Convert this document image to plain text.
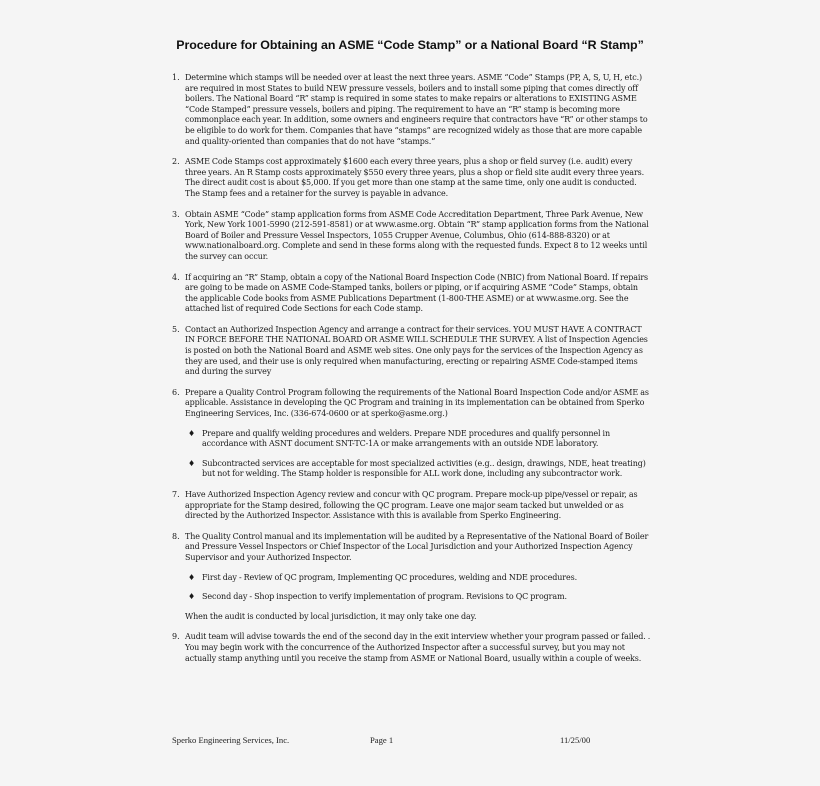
Procedure for Obtaining an ASME “Code Stamp” or a National Board “R Stamp”
1. Determine which stamps will be needed over at least the next three years. ASME “Code” Stamps (PP, A, S, U, H, etc.) are required in most States to build NEW pressure vessels, boilers and to install some piping that comes directly off boilers. The National Board “R” stamp is required in some states to make repairs or alterations to EXISTING ASME “Code Stamped” pressure vessels, boilers and piping. The requirement to have an “R” stamp is becoming more commonplace each year. In addition, some owners and engineers require that contractors have “R” or other stamps to be eligible to do work for them. Companies that have “stamps” are recognized widely as those that are more capable and quality-oriented than companies that do not have “stamps.”
2. ASME Code Stamps cost approximately $1600 each every three years, plus a shop or field survey (i.e. audit) every three years. An R Stamp costs approximately $550 every three years, plus a shop or field site audit every three years. The direct audit cost is about $5,000. If you get more than one stamp at the same time, only one audit is conducted. The Stamp fees and a retainer for the survey is payable in advance.
3. Obtain ASME “Code” stamp application forms from ASME Code Accreditation Department, Three Park Avenue, New York, New York 1001-5990 (212-591-8581) or at www.asme.org. Obtain “R” stamp application forms from the National Board of Boiler and Pressure Vessel Inspectors, 1055 Crupper Avenue, Columbus, Ohio (614-888-8320) or at www.nationalboard.org. Complete and send in these forms along with the requested funds. Expect 8 to 12 weeks until the survey can occur.
4. If acquiring an “R” Stamp, obtain a copy of the National Board Inspection Code (NBIC) from National Board. If repairs are going to be made on ASME Code-Stamped tanks, boilers or piping, or if acquiring ASME “Code” Stamps, obtain the applicable Code books from ASME Publications Department (1-800-THE ASME) or at www.asme.org. See the attached list of required Code Sections for each Code stamp.
5. Contact an Authorized Inspection Agency and arrange a contract for their services. YOU MUST HAVE A CONTRACT IN FORCE BEFORE THE NATIONAL BOARD OR ASME WILL SCHEDULE THE SURVEY. A list of Inspection Agencies is posted on both the National Board and ASME web sites. One only pays for the services of the Inspection Agency as they are used, and their use is only required when manufacturing, erecting or repairing ASME Code-stamped items and during the survey
6. Prepare a Quality Control Program following the requirements of the National Board Inspection Code and/or ASME as applicable. Assistance in developing the QC Program and training in its implementation can be obtained from Sperko Engineering Services, Inc. (336-674-0600 or at sperko@asme.org.)
♦ Prepare and qualify welding procedures and welders. Prepare NDE procedures and qualify personnel in accordance with ASNT document SNT-TC-1A or make arrangements with an outside NDE laboratory.
♦ Subcontracted services are acceptable for most specialized activities (e.g.. design, drawings, NDE, heat treating) but not for welding. The Stamp holder is responsible for ALL work done, including any subcontractor work.
7. Have Authorized Inspection Agency review and concur with QC program. Prepare mock-up pipe/vessel or repair, as appropriate for the Stamp desired, following the QC program. Leave one major seam tacked but unwelded or as directed by the Authorized Inspector. Assistance with this is available from Sperko Engineering.
8. The Quality Control manual and its implementation will be audited by a Representative of the National Board of Boiler and Pressure Vessel Inspectors or Chief Inspector of the Local Jurisdiction and your Authorized Inspection Agency Supervisor and your Authorized Inspector.
♦ First day - Review of QC program, Implementing QC procedures, welding and NDE procedures.
♦ Second day - Shop inspection to verify implementation of program. Revisions to QC program.
When the audit is conducted by local jurisdiction, it may only take one day.
9. Audit team will advise towards the end of the second day in the exit interview whether your program passed or failed. . You may begin work with the concurrence of the Authorized Inspector after a successful survey, but you may not actually stamp anything until you receive the stamp from ASME or National Board, usually within a couple of weeks.
Sperko Engineering Services, Inc.	Page 1	11/25/00
